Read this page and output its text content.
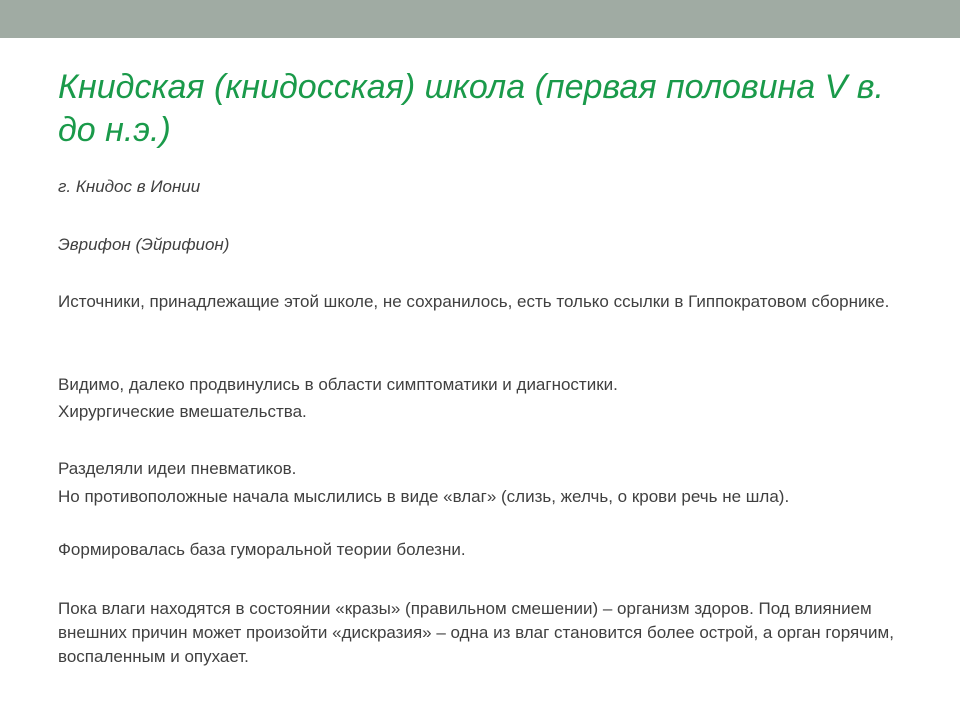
Книдская (книдосская) школа (первая половина V в. до н.э.)

г. Книдос в Ионии

Эврифон (Эйрифион)

Источники, принадлежащие этой школе, не сохранилось, есть только ссылки в Гиппократовом сборнике.

Видимо, далеко продвинулись в области симптоматики и диагностики.

Хирургические вмешательства.

Разделяли идеи пневматиков.

Но противоположные начала мыслились в виде «влаг» (слизь, желчь, о крови речь не шла).

Формировалась база гуморальной теории болезни.

Пока влаги находятся в состоянии «кразы» (правильном смешении) – организм здоров. Под влиянием внешних причин может произойти «дискразия» – одна из влаг становится более острой, а орган горячим, воспаленным и опухает.
